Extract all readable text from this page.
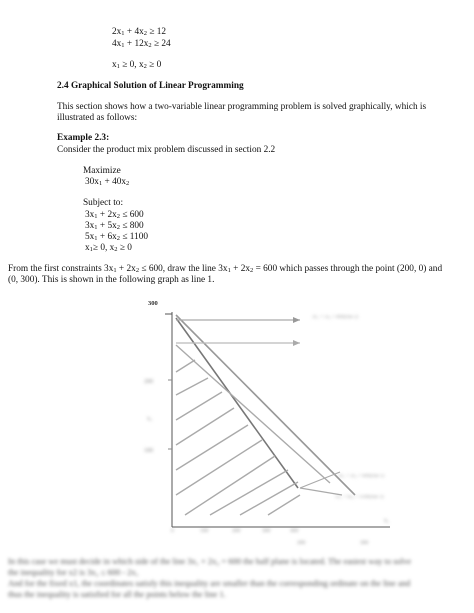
$2x_1 + 4x_2 \ge 12$
$4x_1 + 12x_2 \ge 24$
$x_1 \ge 0$, $x_2 \ge 0$
2.4 Graphical Solution of Linear Programming
This section shows how a two-variable linear programming problem is solved graphically, which is
illustrated as follows:
Example 2.3:
Consider the product mix problem discussed in section 2.2
Maximize
$30x_1 + 40x_2$
Subject to:
$3x_1 + 2x_2 \le 600$
$3x_1 + 5x_2 \le 800$
$5x_1 + 6x_2 \le 1100$
$x_1\ge 0$, $x_2 \ge 0$
From the first constraints $3x_1 + 2x_2 \le 600$, draw the line $3x_1 + 2x_2 = 600$ which passes through the point (200, 0) and
(0, 300). This is shown in the following graph as line 1.
300
200
100
x₂
0	100	200	300	400
200	300
x₁
3x₁ + 5x₂ = 800(line 2)
3x₁ + 2x₂ = 600(line 1)
5x₁ + 6x₂ = 1100(line 3)
In this case we must decide in which side of the line 3x₁ + 2x₂ = 600 the half plane is located. The easiest way to solve
the inequality for x2 is 3x₂ ≤ 600 - 2x₁
And for the fixed x1, the coordinates satisfy this inequality are smaller than the corresponding ordinate on the line and
thus the inequality is satisfied for all the points below the line 1.
